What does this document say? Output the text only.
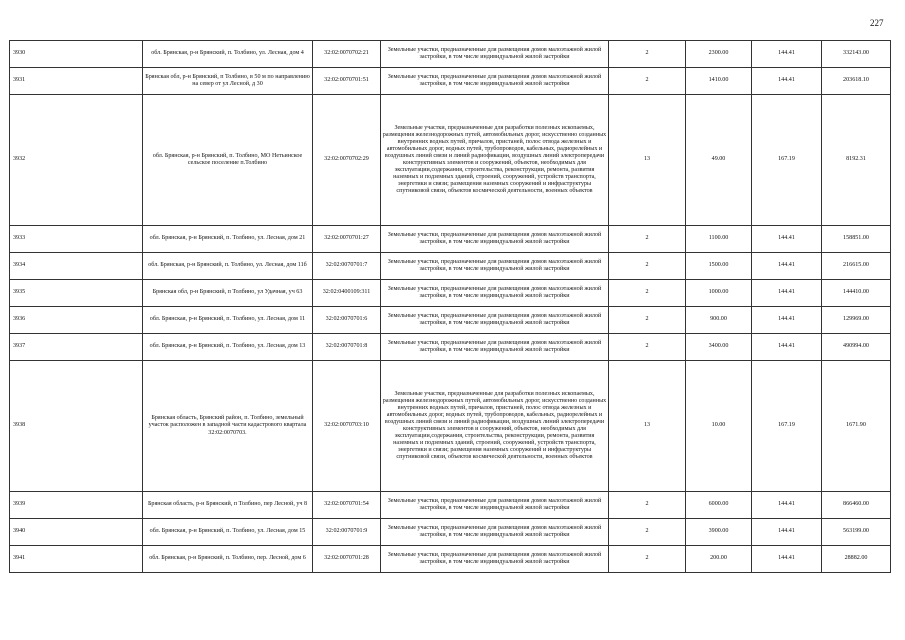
227
3930	обл. Брянская, р-н Брянский, п. Толбино, ул. Лесная, дом 4	32:02:0070702:21	Земельные участки, предназначенные для размещения домов малоэтажной жилой застройки, в том числе индивидуальной жилой застройки	2	2300.00	144.41	332143.00
3931	Брянская обл, р-н Брянский, п Толбино, в 50 м по направлению на север от ул Лесной, д 30	32:02:0070701:51	Земельные участки, предназначенные для размещения домов малоэтажной жилой застройки, в том числе индивидуальной жилой застройки	2	1410.00	144.41	203618.10
3932	обл. Брянская, р-н Брянский, п. Толбино, МО Нетьинское сельское поселение п.Толбино	32:02:0070702:29	Земельные участки, предназначенные для разработки полезных ископаемых, размещения железнодорожных путей, автомобильных дорог, искусственно созданных внутренних водных путей, причалов, пристаней, полос отвода железных и автомобильных дорог, водных путей, трубопроводов, кабельных, радиорелейных и воздушных линий связи и линий радиофикации, воздушных линий электропередачи конструктивных элементов и сооружений, объектов, необходимых для эксплуатации,содержания, строительства, реконструкции, ремонта, развития наземных и подземных зданий, строений, сооружений, устройств транспорта, энергетики и связи; размещения наземных сооружений и инфраструктуры спутниковой связи, объектов космической деятельности, военных объектов	13	49.00	167.19	8192.31
3933	обл. Брянская, р-н Брянский, п. Толбино, ул. Лесная, дом 21	32:02:0070701:27	Земельные участки, предназначенные для размещения домов малоэтажной жилой застройки, в том числе индивидуальной жилой застройки	2	1100.00	144.41	158851.00
3934	обл. Брянская, р-н Брянский, п. Толбино, ул. Лесная, дом 11б	32:02:0070701:7	Земельные участки, предназначенные для размещения домов малоэтажной жилой застройки, в том числе индивидуальной жилой застройки	2	1500.00	144.41	216615.00
3935	Брянская обл, р-н Брянский, п Толбино, ул Удачная, уч 63	32:02:0400109:311	Земельные участки, предназначенные для размещения домов малоэтажной жилой застройки, в том числе индивидуальной жилой застройки	2	1000.00	144.41	144410.00
3936	обл. Брянская, р-н Брянский, п. Толбино, ул. Лесная, дом 11	32:02:0070701:6	Земельные участки, предназначенные для размещения домов малоэтажной жилой застройки, в том числе индивидуальной жилой застройки	2	900.00	144.41	129969.00
3937	обл. Брянская, р-н Брянский, п. Толбино, ул. Лесная, дом 13	32:02:0070701:8	Земельные участки, предназначенные для размещения домов малоэтажной жилой застройки, в том числе индивидуальной жилой застройки	2	3400.00	144.41	490994.00
3938	Брянская область, Брянский район, п. Толбино, земельный участок расположен в западной части кадастрового квартала 32:02:0070703.	32:02:0070703:10	Земельные участки, предназначенные для разработки полезных ископаемых, размещения железнодорожных путей, автомобильных дорог, искусственно созданных внутренних водных путей, причалов, пристаней, полос отвода железных и автомобильных дорог, водных путей, трубопроводов, кабельных, радиорелейных и воздушных линий связи и линий радиофикации, воздушных линий электропередачи конструктивных элементов и сооружений, объектов, необходимых для эксплуатации,содержания, строительства, реконструкции, ремонта, развития наземных и подземных зданий, строений, сооружений, устройств транспорта, энергетики и связи; размещения наземных сооружений и инфраструктуры спутниковой связи, объектов космической деятельности, военных объектов	13	10.00	167.19	1671.90
3939	Брянская область, р-н Брянский, п Толбино, пер Лесной, уч 8	32:02:0070701:54	Земельные участки, предназначенные для размещения домов малоэтажной жилой застройки, в том числе индивидуальной жилой застройки	2	6000.00	144.41	866460.00
3940	обл. Брянская, р-н Брянский, п. Толбино, ул. Лесная, дом 15	32:02:0070701:9	Земельные участки, предназначенные для размещения домов малоэтажной жилой застройки, в том числе индивидуальной жилой застройки	2	3900.00	144.41	563199.00
3941	обл. Брянская, р-н Брянский, п. Толбино, пер. Лесной, дом 6	32:02:0070701:28	Земельные участки, предназначенные для размещения домов малоэтажной жилой застройки, в том числе индивидуальной жилой застройки	2	200.00	144.41	28882.00
